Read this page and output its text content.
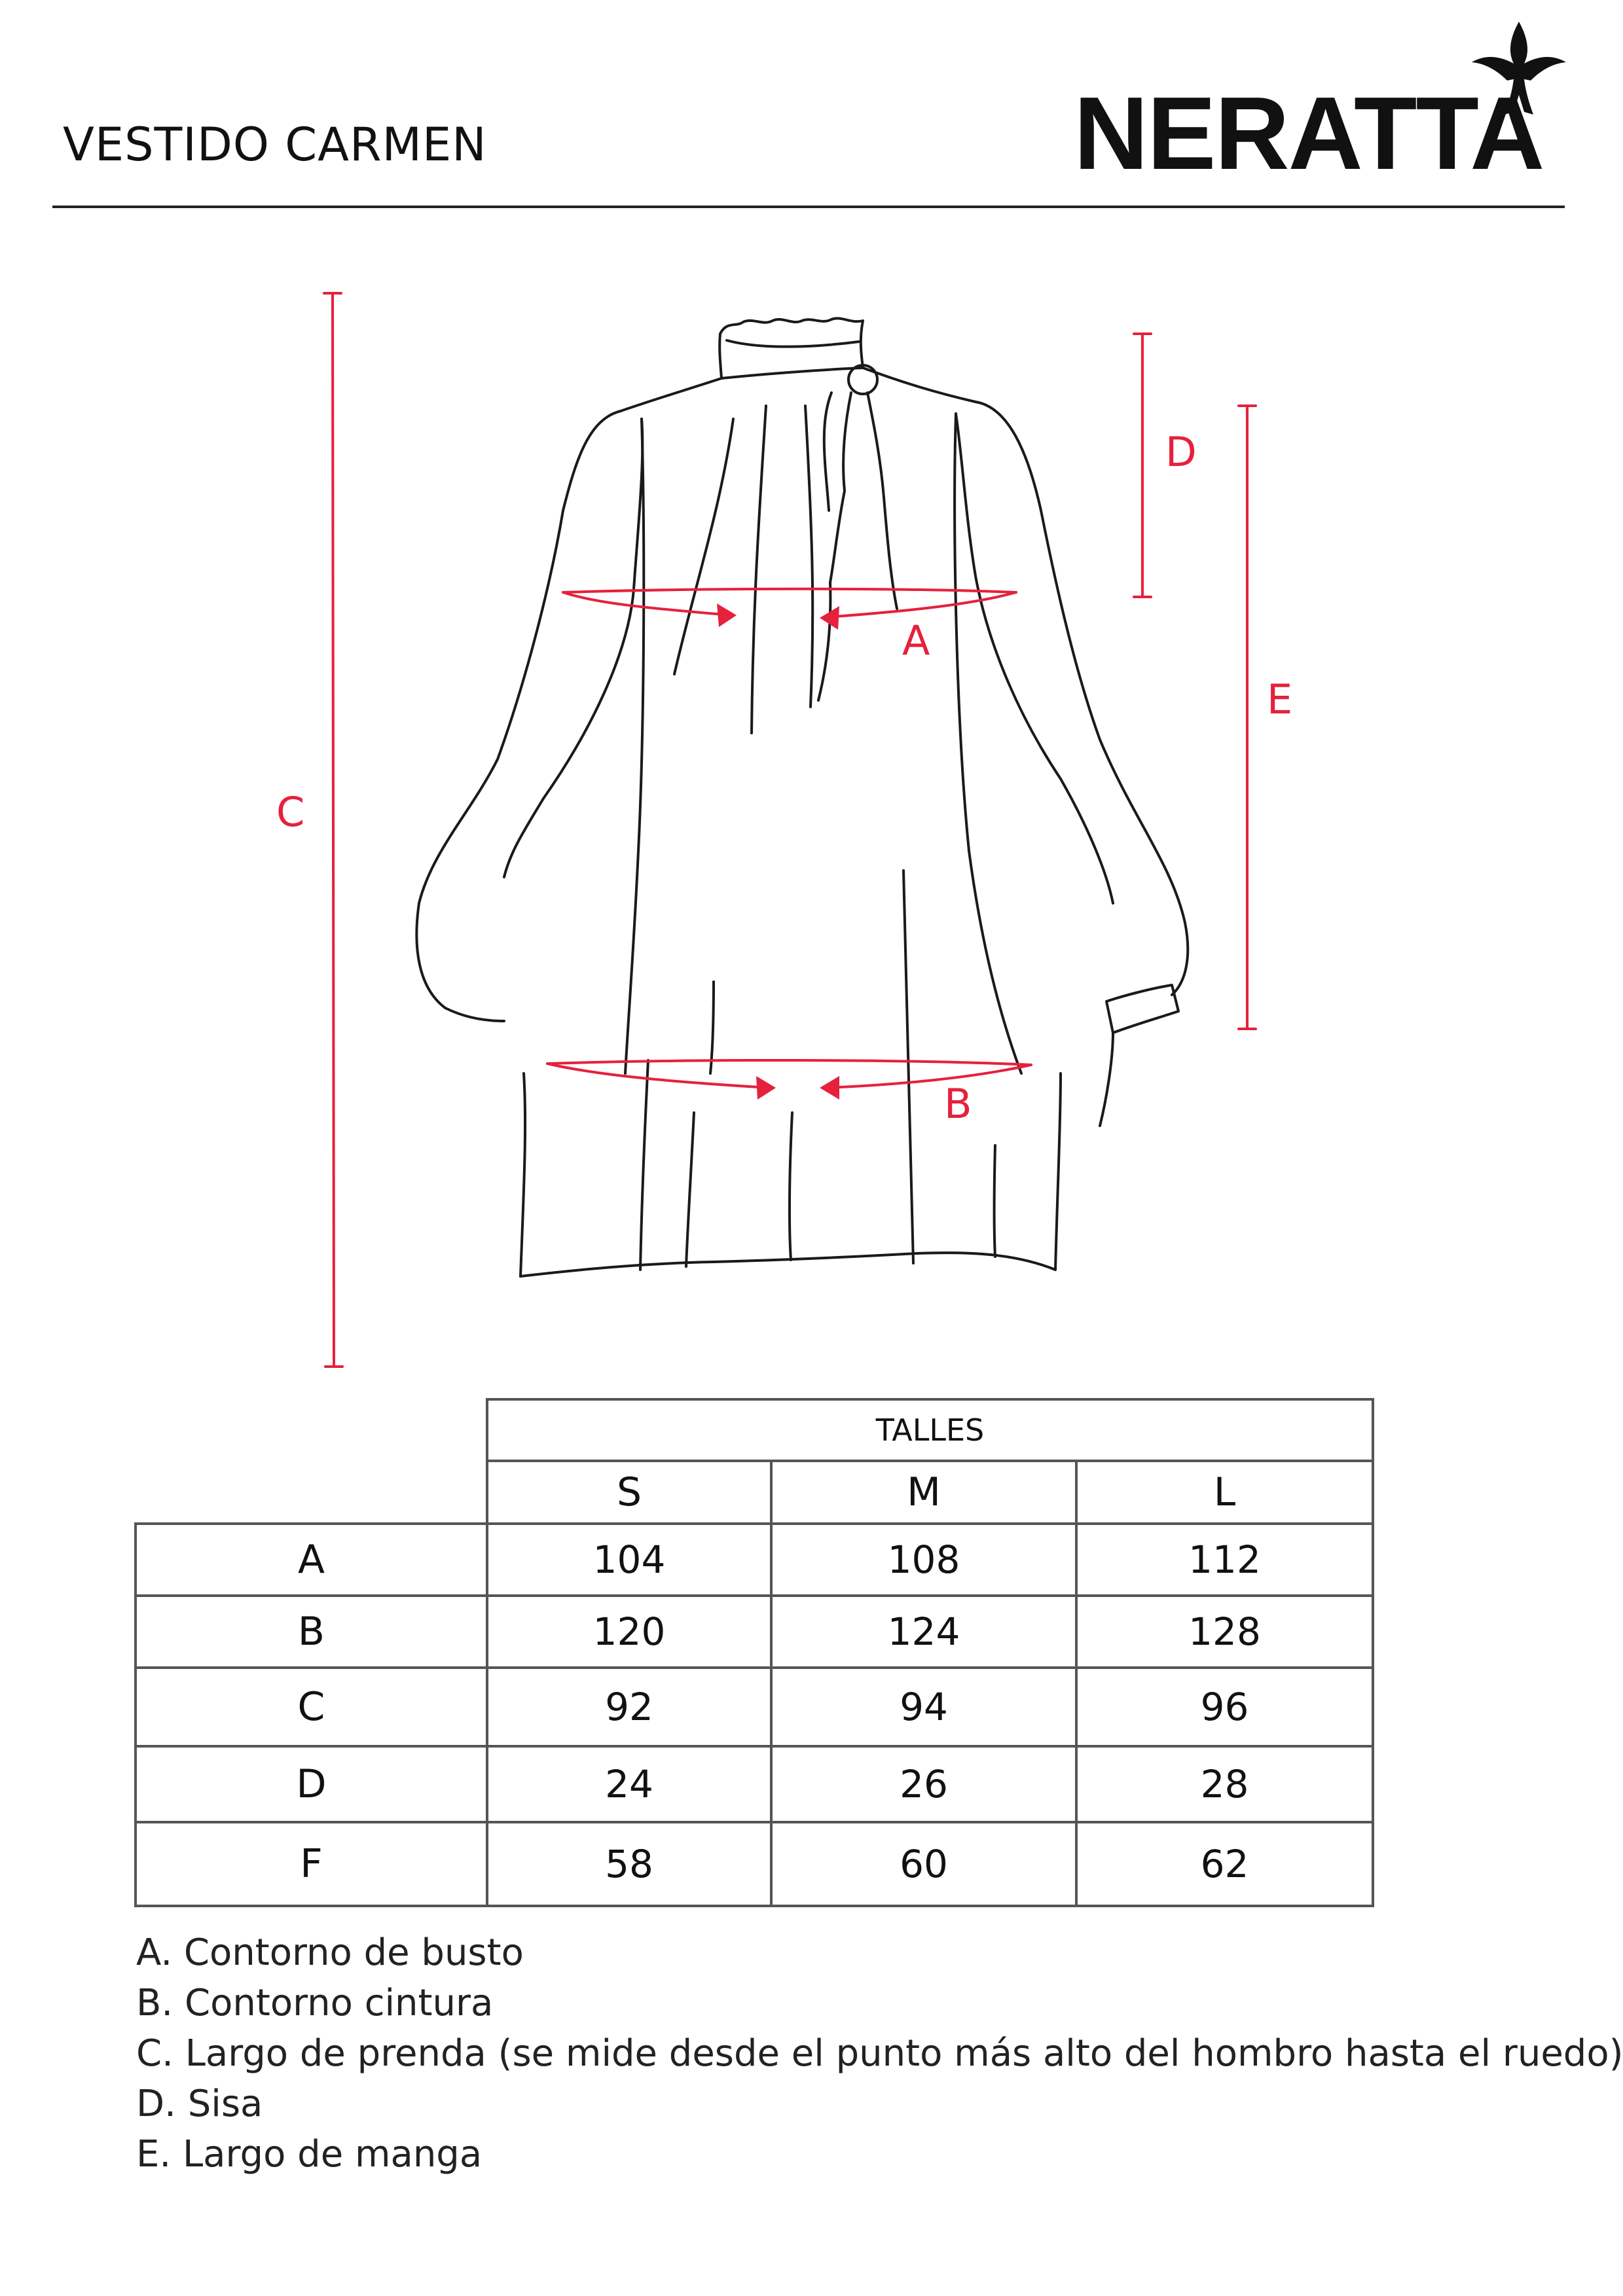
VESTIDO CARMEN	NERATTA
A
B
C
D
E
	TALLES		
	S	M	L
A	104	108	112
B	120	124	128
C	92	94	96
D	24	26	28
F	58	60	62
A. Contorno de busto
B. Contorno cintura
C. Largo de prenda (se mide desde el punto más alto del hombro hasta el ruedo)
D. Sisa
E. Largo de manga
